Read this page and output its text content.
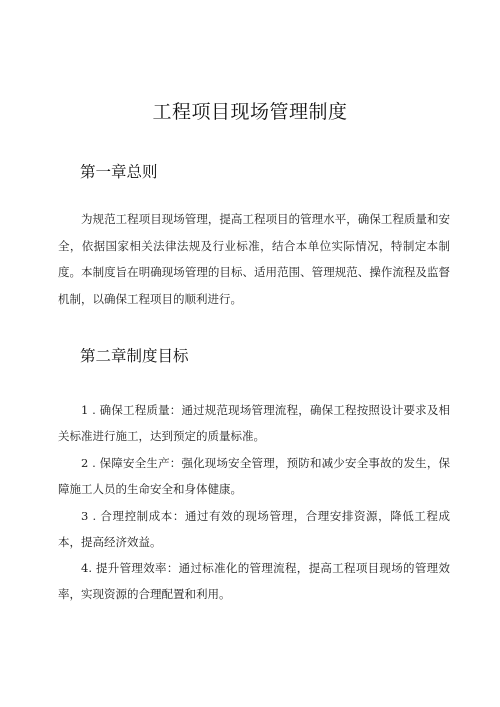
工程项目现场管理制度
第一章总则

为规范工程项目现场管理，提高工程项目的管理水平，确保工程质量和安全，依据国家相关法律法规及行业标准，结合本单位实际情况，特制定本制度。本制度旨在明确现场管理的目标、适用范围、管理规范、操作流程及监督机制，以确保工程项目的顺利进行。

第二章制度目标

1 . 确保工程质量：通过规范现场管理流程，确保工程按照设计要求及相关标准进行施工，达到预定的质量标准。

2 . 保障安全生产：强化现场安全管理，预防和减少安全事故的发生，保障施工人员的生命安全和身体健康。

3 . 合理控制成本：通过有效的现场管理，合理安排资源，降低工程成本，提高经济效益。

4. 提升管理效率：通过标准化的管理流程，提高工程项目现场的管理效率，实现资源的合理配置和利用。
